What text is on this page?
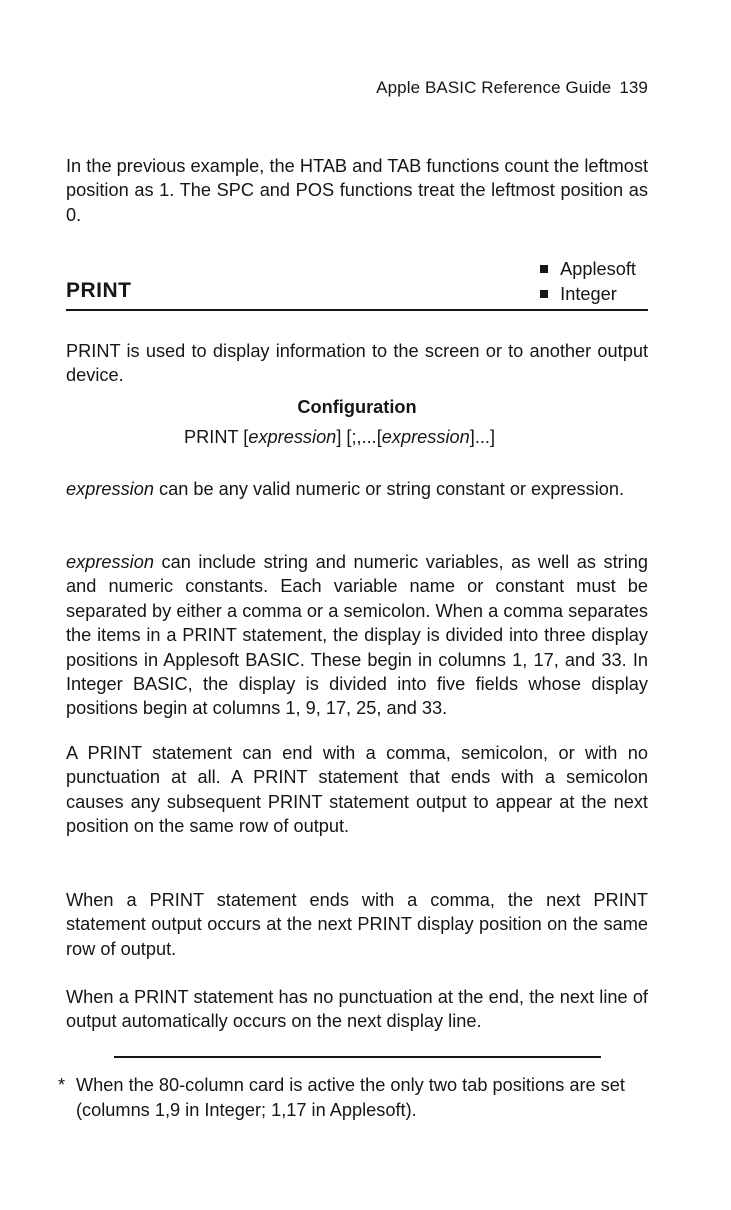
Apple BASIC Reference Guide 139

In the previous example, the HTAB and TAB functions count the leftmost position as 1. The SPC and POS functions treat the leftmost position as 0.

PRINT
Applesoft
Integer

PRINT is used to display information to the screen or to another output device.

Configuration
PRINT [expression] [;,...[expression]...]

expression can be any valid numeric or string constant or expression.

expression can include string and numeric variables, as well as string and numeric constants. Each variable name or constant must be separated by either a comma or a semicolon. When a comma separates the items in a PRINT statement, the display is divided into three display positions in Applesoft BASIC. These begin in columns 1, 17, and 33. In Integer BASIC, the display is divided into five fields whose display positions begin at columns 1, 9, 17, 25, and 33.

A PRINT statement can end with a comma, semicolon, or with no punctuation at all. A PRINT statement that ends with a semicolon causes any subsequent PRINT statement output to appear at the next position on the same row of output.

When a PRINT statement ends with a comma, the next PRINT statement output occurs at the next PRINT display position on the same row of output.

When a PRINT statement has no punctuation at the end, the next line of output automatically occurs on the next display line.

* When the 80-column card is active the only two tab positions are set (columns 1,9 in Integer; 1,17 in Applesoft).
